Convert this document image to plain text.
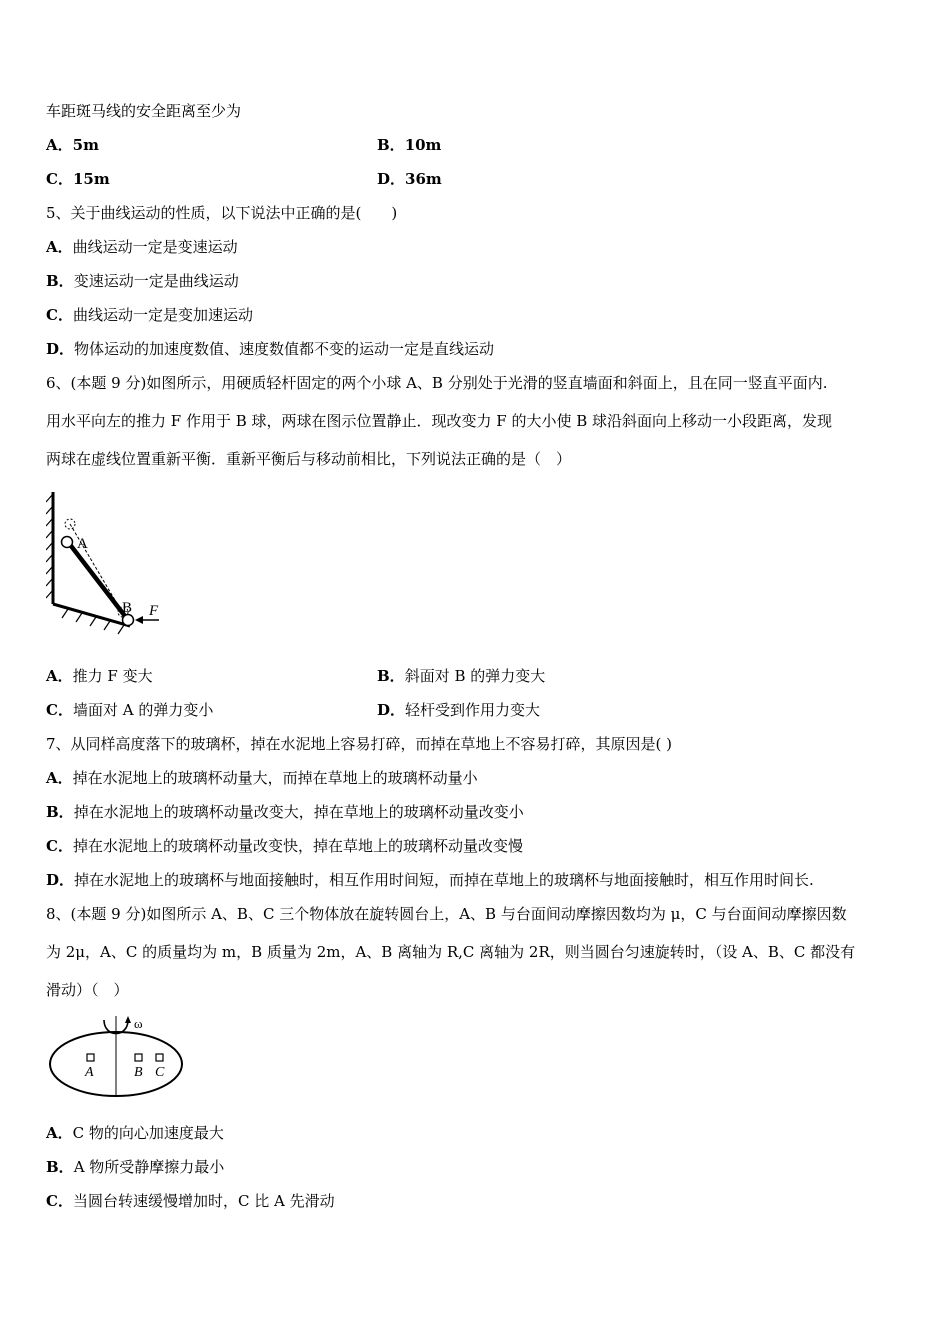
车距斑马线的安全距离至少为
A．5m	B．10m
C．15m	D．36m
5、关于曲线运动的性质，以下说法中正确的是(　　)
A．曲线运动一定是变速运动
B．变速运动一定是曲线运动
C．曲线运动一定是变加速运动
D．物体运动的加速度数值、速度数值都不变的运动一定是直线运动
6、(本题 9 分)如图所示，用硬质轻杆固定的两个小球 A、B 分别处于光滑的竖直墙面和斜面上，且在同一竖直平面内.
用水平向左的推力 F 作用于 B 球，两球在图示位置静止．现改变力 F 的大小使 B 球沿斜面向上移动一小段距离，发现
两球在虚线位置重新平衡．重新平衡后与移动前相比，下列说法正确的是（　）
A
B F
A．推力 F 变大	B．斜面对 B 的弹力变大
C．墙面对 A 的弹力变小	D．轻杆受到作用力变大
7、从同样高度落下的玻璃杯，掉在水泥地上容易打碎，而掉在草地上不容易打碎，其原因是( )
A．掉在水泥地上的玻璃杯动量大，而掉在草地上的玻璃杯动量小
B．掉在水泥地上的玻璃杯动量改变大，掉在草地上的玻璃杯动量改变小
C．掉在水泥地上的玻璃杯动量改变快，掉在草地上的玻璃杯动量改变慢
D．掉在水泥地上的玻璃杯与地面接触时，相互作用时间短，而掉在草地上的玻璃杯与地面接触时，相互作用时间长.
8、(本题 9 分)如图所示 A、B、C 三个物体放在旋转圆台上，A、B 与台面间动摩擦因数均为 μ，C 与台面间动摩擦因数
为 2μ，A、C 的质量均为 m，B 质量为 2m，A、B 离轴为 R,C 离轴为 2R，则当圆台匀速旋转时，（设 A、B、C 都没有
滑动）（　）
ω
A	B C
A．C 物的向心加速度最大
B．A 物所受静摩擦力最小
C．当圆台转速缓慢增加时，C 比 A 先滑动
